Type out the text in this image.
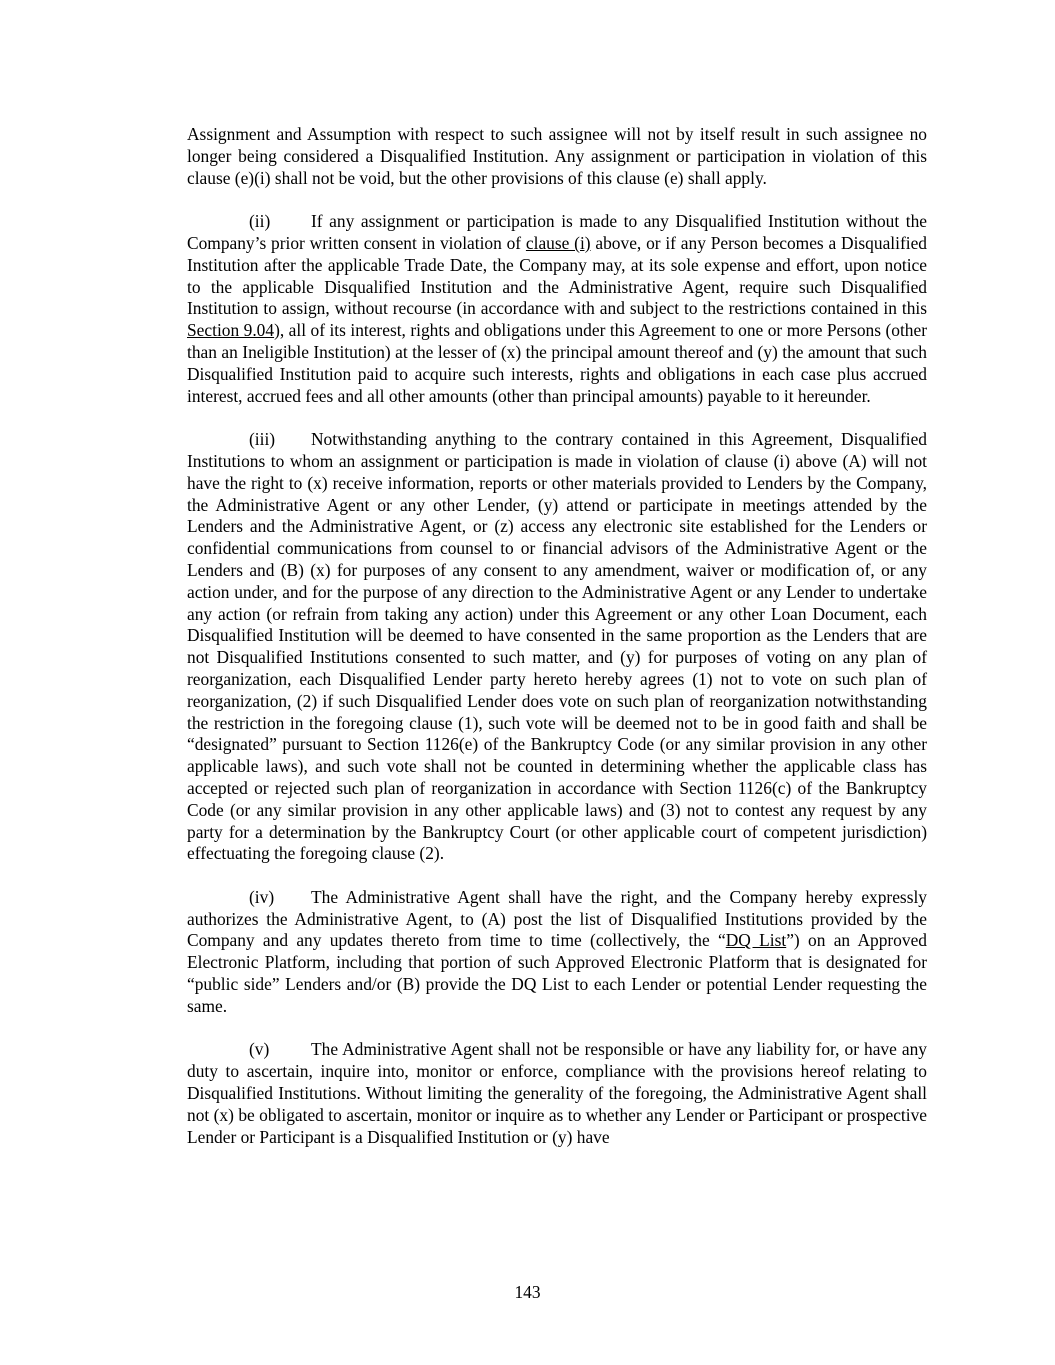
Assignment and Assumption with respect to such assignee will not by itself result in such assignee no longer being considered a Disqualified Institution. Any assignment or participation in violation of this clause (e)(i) shall not be void, but the other provisions of this clause (e) shall apply.

(ii) If any assignment or participation is made to any Disqualified Institution without the Company’s prior written consent in violation of clause (i) above, or if any Person becomes a Disqualified Institution after the applicable Trade Date, the Company may, at its sole expense and effort, upon notice to the applicable Disqualified Institution and the Administrative Agent, require such Disqualified Institution to assign, without recourse (in accordance with and subject to the restrictions contained in this Section 9.04), all of its interest, rights and obligations under this Agreement to one or more Persons (other than an Ineligible Institution) at the lesser of (x) the principal amount thereof and (y) the amount that such Disqualified Institution paid to acquire such interests, rights and obligations in each case plus accrued interest, accrued fees and all other amounts (other than principal amounts) payable to it hereunder.

(iii) Notwithstanding anything to the contrary contained in this Agreement, Disqualified Institutions to whom an assignment or participation is made in violation of clause (i) above (A) will not have the right to (x) receive information, reports or other materials provided to Lenders by the Company, the Administrative Agent or any other Lender, (y) attend or participate in meetings attended by the Lenders and the Administrative Agent, or (z) access any electronic site established for the Lenders or confidential communications from counsel to or financial advisors of the Administrative Agent or the Lenders and (B) (x) for purposes of any consent to any amendment, waiver or modification of, or any action under, and for the purpose of any direction to the Administrative Agent or any Lender to undertake any action (or refrain from taking any action) under this Agreement or any other Loan Document, each Disqualified Institution will be deemed to have consented in the same proportion as the Lenders that are not Disqualified Institutions consented to such matter, and (y) for purposes of voting on any plan of reorganization, each Disqualified Lender party hereto hereby agrees (1) not to vote on such plan of reorganization, (2) if such Disqualified Lender does vote on such plan of reorganization notwithstanding the restriction in the foregoing clause (1), such vote will be deemed not to be in good faith and shall be “designated” pursuant to Section 1126(e) of the Bankruptcy Code (or any similar provision in any other applicable laws), and such vote shall not be counted in determining whether the applicable class has accepted or rejected such plan of reorganization in accordance with Section 1126(c) of the Bankruptcy Code (or any similar provision in any other applicable laws) and (3) not to contest any request by any party for a determination by the Bankruptcy Court (or other applicable court of competent jurisdiction) effectuating the foregoing clause (2).

(iv) The Administrative Agent shall have the right, and the Company hereby expressly authorizes the Administrative Agent, to (A) post the list of Disqualified Institutions provided by the Company and any updates thereto from time to time (collectively, the “DQ List”) on an Approved Electronic Platform, including that portion of such Approved Electronic Platform that is designated for “public side” Lenders and/or (B) provide the DQ List to each Lender or potential Lender requesting the same.

(v) The Administrative Agent shall not be responsible or have any liability for, or have any duty to ascertain, inquire into, monitor or enforce, compliance with the provisions hereof relating to Disqualified Institutions. Without limiting the generality of the foregoing, the Administrative Agent shall not (x) be obligated to ascertain, monitor or inquire as to whether any Lender or Participant or prospective Lender or Participant is a Disqualified Institution or (y) have

143
